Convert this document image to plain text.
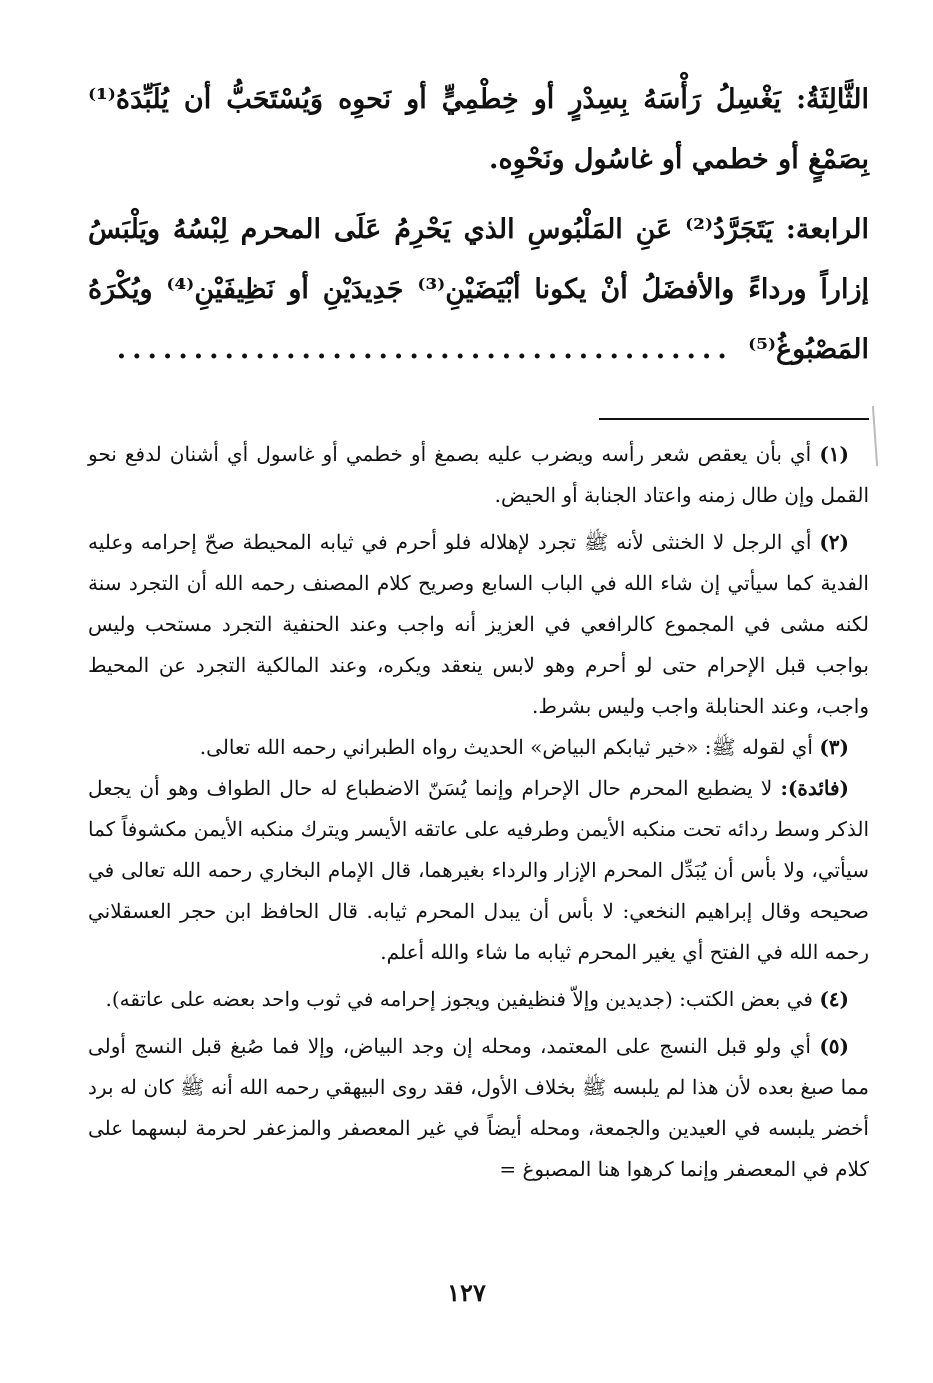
الثَّالِثَةُ: يَغْسِلُ رَأْسَهُ بِسِدْرٍ أو خِطْمِيٍّ أو نَحوِه وَيُسْتَحَبُّ أن يُلَبِّدَهُ⁽¹⁾ بِصَمْغٍ أو خطمي أو غاسُول ونَحْوِه.

الرابعة: يَتَجَرَّدُ⁽²⁾ عَنِ المَلْبُوسِ الذي يَحْرِمُ عَلَى المحرم لِبْسُهُ ويَلْبَسُ إزاراً ورداءً والأفضَلُ أنْ يكونا أبْيَضَيْنِ⁽³⁾ جَدِيدَيْنِ أو نَظِيفَيْنِ⁽⁴⁾ ويُكْرَهُ المَصْبُوغُ⁽⁵⁾ ........................................

(١) أي بأن يعقص شعر رأسه ويضرب عليه بصمغ أو خطمي أو غاسول أي أشنان لدفع نحو القمل وإن طال زمنه واعتاد الجنابة أو الحيض.

(٢) أي الرجل لا الخنثى لأنه ﷺ تجرد لإهلاله فلو أحرم في ثيابه المحيطة صحّ إحرامه وعليه الفدية كما سيأتي إن شاء الله في الباب السابع وصريح كلام المصنف رحمه الله أن التجرد سنة لكنه مشى في المجموع كالرافعي في العزيز أنه واجب وعند الحنفية التجرد مستحب وليس بواجب قبل الإحرام حتى لو أحرم وهو لابس ينعقد ويكره، وعند المالكية التجرد عن المحيط واجب، وعند الحنابلة واجب وليس بشرط.

(٣) أي لقوله ﷺ: «خير ثيابكم البياض» الحديث رواه الطبراني رحمه الله تعالى.

(فائدة): لا يضطبع المحرم حال الإحرام وإنما يُسَنّ الاضطباع له حال الطواف وهو أن يجعل الذكر وسط ردائه تحت منكبه الأيمن وطرفيه على عاتقه الأيسر ويترك منكبه الأيمن مكشوفاً كما سيأتي، ولا بأس أن يُبَدِّل المحرم الإزار والرداء بغيرهما، قال الإمام البخاري رحمه الله تعالى في صحيحه وقال إبراهيم النخعي: لا بأس أن يبدل المحرم ثيابه. قال الحافظ ابن حجر العسقلاني رحمه الله في الفتح أي يغير المحرم ثيابه ما شاء والله أعلم.

(٤) في بعض الكتب: (جديدين وإلاّ فنظيفين ويجوز إحرامه في ثوب واحد بعضه على عاتقه).

(٥) أي ولو قبل النسج على المعتمد، ومحله إن وجد البياض، وإلا فما صُبغ قبل النسج أولى مما صبغ بعده لأن هذا لم يلبسه ﷺ بخلاف الأول، فقد روى البيهقي رحمه الله أنه ﷺ كان له برد أخضر يلبسه في العيدين والجمعة، ومحله أيضاً في غير المعصفر والمزعفر لحرمة لبسهما على كلام في المعصفر وإنما كرهوا هنا المصبوغ =

١٢٧
